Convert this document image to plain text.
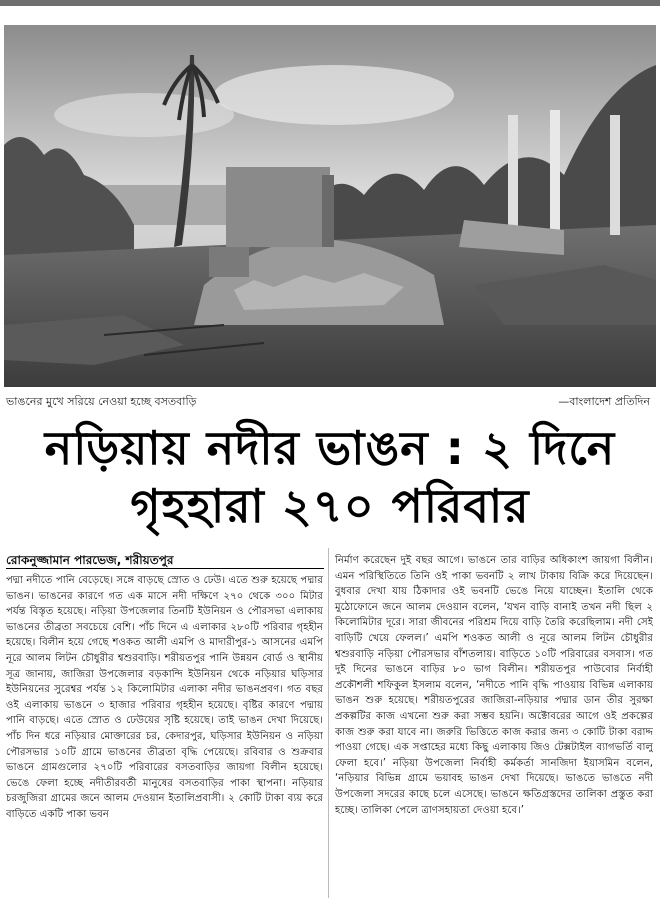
ভাঙনের মুখে সরিয়ে নেওয়া হচ্ছে বসতবাড়ি	—বাংলাদেশ প্রতিদিন
নড়িয়ায় নদীর ভাঙন : ২ দিনে
গৃহহারা ২৭০ পরিবার
রোকনুজ্জামান পারভেজ, শরীয়তপুর
পদ্মা নদীতে পানি বেড়েছে। সঙ্গে বাড়ছে স্রোত ও ঢেউ। এতে শুরু হয়েছে পদ্মার ভাঙন। ভাঙনের কারণে গত এক মাসে নদী দক্ষিণে ২৭০ থেকে ৩০০ মিটার পর্যন্ত বিস্তৃত হয়েছে। নড়িয়া উপজেলার তিনটি ইউনিয়ন ও পৌরসভা এলাকায় ভাঙনের তীব্রতা সবচেয়ে বেশি। পাঁচ দিনে এ এলাকার ২৮০টি পরিবার গৃহহীন হয়েছে। বিলীন হয়ে গেছে শওকত আলী এমপি ও মাদারীপুর-১ আসনের এমপি নূরে আলম লিটন চৌধুরীর শ্বশুরবাড়ি। শরীয়তপুর পানি উন্নয়ন বোর্ড ও স্থানীয় সূত্র জানায়, জাজিরা উপজেলার বড়কান্দি ইউনিয়ন থেকে নড়িয়ার ঘড়িসার ইউনিয়নের সুরেশ্বর পর্যন্ত ১২ কিলোমিটার এলাকা নদীর ভাঙনপ্রবণ। গত বছর ওই এলাকায় ভাঙনে ৩ হাজার পরিবার গৃহহীন হয়েছে। বৃষ্টির কারণে পদ্মায় পানি বাড়ছে। এতে স্রোত ও ঢেউয়ের সৃষ্টি হয়েছে। তাই ভাঙন দেখা দিয়েছে। পাঁচ দিন ধরে নড়িয়ার মোক্তারের চর, কেদারপুর, ঘড়িসার ইউনিয়ন ও নড়িয়া পৌরসভার ১০টি গ্রামে ভাঙনের তীব্রতা বৃদ্ধি পেয়েছে। রবিবার ও শুক্রবার ভাঙনে গ্রামগুলোর ২৭০টি পরিবারের বসতবাড়ির জায়গা বিলীন হয়েছে। ভেঙে ফেলা হচ্ছে নদীতীরবর্তী মানুষের বসতবাড়ির পাকা স্থাপনা। নড়িয়ার চরজুজিরা গ্রামের জনে আলম দেওয়ান ইতালিপ্রবাসী। ২ কোটি টাকা ব্যয় করে বাড়িতে একটি পাকা ভবন
নির্মাণ করেছেন দুই বছর আগে। ভাঙনে তার বাড়ির অধিকাংশ জায়গা বিলীন। এমন পরিস্থিতিতে তিনি ওই পাকা ভবনটি ২ লাখ টাকায় বিক্রি করে দিয়েছেন। বুধবার দেখা যায় ঠিকাদার ওই ভবনটি ভেঙে নিয়ে যাচ্ছেন। ইতালি থেকে মুঠোফোনে জনে আলম দেওয়ান বলেন, ‘যখন বাড়ি বানাই তখন নদী ছিল ২ কিলোমিটার দূরে। সারা জীবনের পরিশ্রম দিয়ে বাড়ি তৈরি করেছিলাম। নদী সেই বাড়িটি খেয়ে ফেলল।’ এমপি শওকত আলী ও নূরে আলম লিটন চৌধুরীর শ্বশুরবাড়ি নড়িয়া পৌরসভার বাঁশতলায়। বাড়িতে ১০টি পরিবারের বসবাস। গত দুই দিনের ভাঙনে বাড়ির ৮০ ভাগ বিলীন। শরীয়তপুর পাউবোর নির্বাহী প্রকৌশলী শফিকুল ইসলাম বলেন, ‘নদীতে পানি বৃদ্ধি পাওয়ায় বিভিন্ন এলাকায় ভাঙন শুরু হয়েছে। শরীয়তপুরের জাজিরা-নড়িয়ার পদ্মার ডান তীর সুরক্ষা প্রকল্পটির কাজ এখনো শুরু করা সম্ভব হয়নি। অক্টোবরের আগে ওই প্রকল্পের কাজ শুরু করা যাবে না। জরুরি ভিত্তিতে কাজ করার জন্য ৩ কোটি টাকা বরাদ্দ পাওয়া গেছে। এক সপ্তাহের মধ্যে কিছু এলাকায় জিও টেক্সটাইল ব্যাগভর্তি বালু ফেলা হবে।’ নড়িয়া উপজেলা নির্বাহী কর্মকর্তা সানজিদা ইয়াসমিন বলেন, ‘নড়িয়ার বিভিন্ন গ্রামে ভয়াবহ ভাঙন দেখা দিয়েছে। ভাঙতে ভাঙতে নদী উপজেলা সদরের কাছে চলে এসেছে। ভাঙনে ক্ষতিগ্রস্তদের তালিকা প্রস্তুত করা হচ্ছে। তালিকা পেলে ত্রাণসহায়তা দেওয়া হবে।’
